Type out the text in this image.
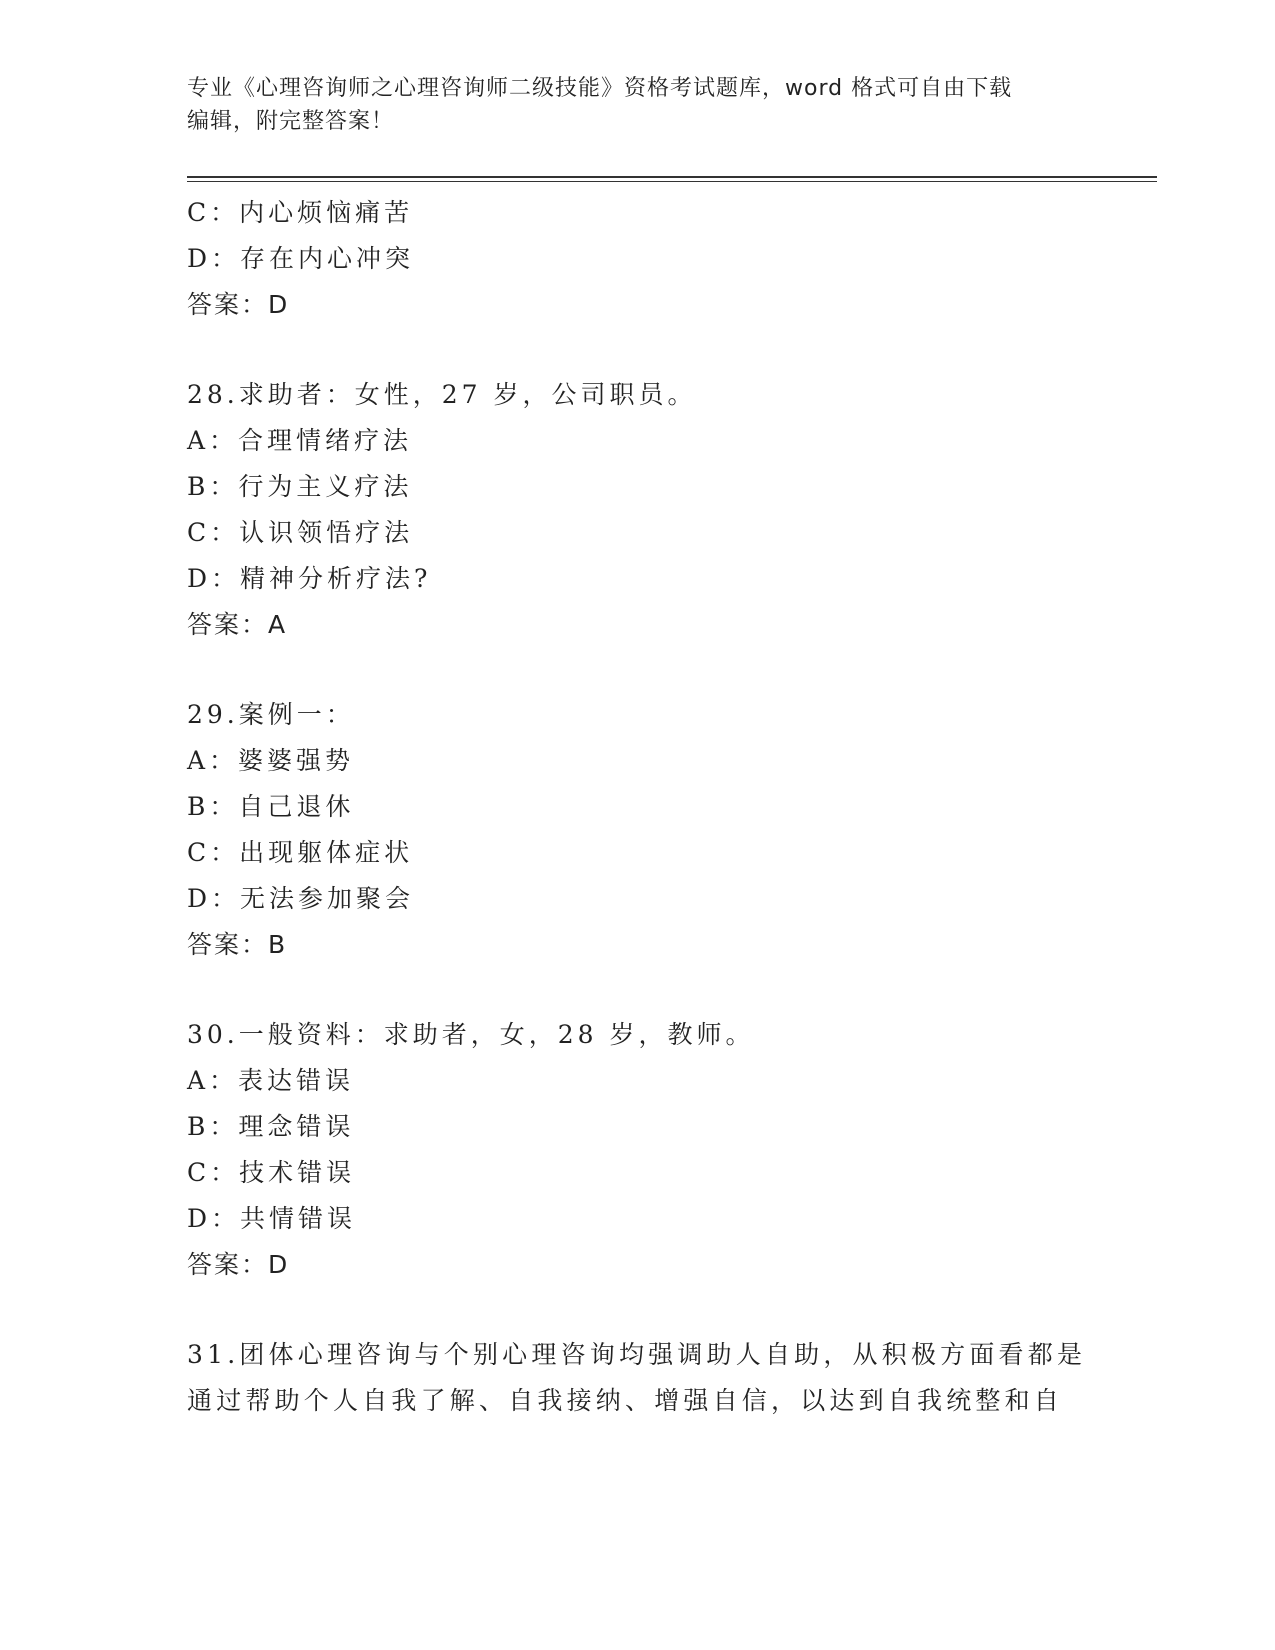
专业《心理咨询师之心理咨询师二级技能》资格考试题库，word 格式可自由下载
编辑，附完整答案！
C：内心烦恼痛苦
D：存在内心冲突
答案：D
28.求助者：女性，27 岁，公司职员。
A：合理情绪疗法
B：行为主义疗法
C：认识领悟疗法
D：精神分析疗法?
答案：A
29.案例一：
A：婆婆强势
B：自己退休
C：出现躯体症状
D：无法参加聚会
答案：B
30.一般资料：求助者，女，28 岁，教师。
A：表达错误
B：理念错误
C：技术错误
D：共情错误
答案：D
31.团体心理咨询与个别心理咨询均强调助人自助，从积极方面看都是
通过帮助个人自我了解、自我接纳、增强自信，以达到自我统整和自
